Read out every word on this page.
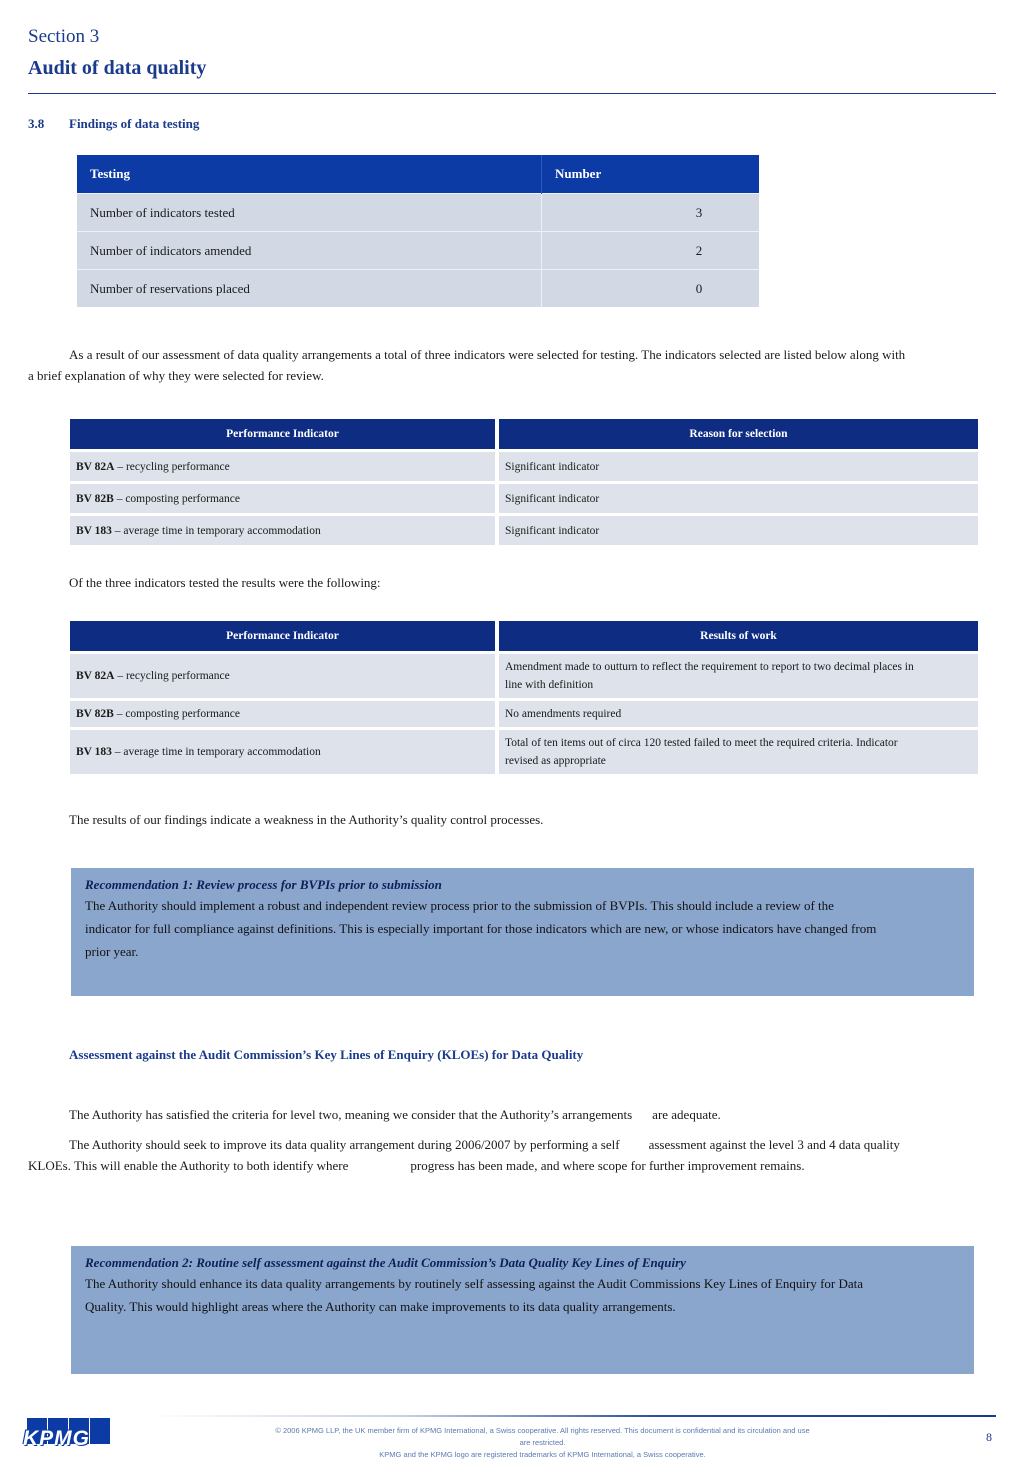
Section 3
Audit of data quality
3.8 Findings of data testing
Testing	Number
Number of indicators tested	3
Number of indicators amended	2
Number of reservations placed	0
As a result of our assessment of data quality arrangements a total of three indicators were selected for testing. The indicators selected are listed below along with
a brief explanation of why they were selected for review.
Performance Indicator	Reason for selection
BV 82A – recycling performance	Significant indicator
BV 82B – composting performance	Significant indicator
BV 183 – average time in temporary accommodation	Significant indicator
Of the three indicators tested the results were the following:
Performance Indicator	Results of work
BV 82A – recycling performance	Amendment made to outturn to reflect the requirement to report to two decimal places in
line with definition

BV 82B – composting performance	No amendments required
BV 183 – average time in temporary accommodation	Total of ten items out of circa 120 tested failed to meet the required criteria. Indicator
revised as appropriate
The results of our findings indicate a weakness in the Authority’s quality control processes.
Recommendation 1: Review process for BVPIs prior to submission
The Authority should implement a robust and independent review process prior to the submission of BVPIs. This should include a review of the
indicator for full compliance against definitions. This is especially important for those indicators which are new, or whose indicators have changed from
prior year.
Assessment against the Audit Commission’s Key Lines of Enquiry (KLOEs) for Data Quality
The Authority has satisfied the criteria for level two, meaning we consider that the Authority’s arrangements are adequate.
The Authority should seek to improve its data quality arrangement during 2006/2007 by performing a self assessment against the level 3 and 4 data quality
KLOEs. This will enable the Authority to both identify where	progress has been made, and where scope for further improvement remains.
Recommendation 2: Routine self assessment against the Audit Commission’s Data Quality Key Lines of Enquiry
The Authority should enhance its data quality arrangements by routinely self assessing against the Audit Commissions Key Lines of Enquiry for Data
Quality. This would highlight areas where the Authority can make improvements to its data quality arrangements.
KPMG	© 2006 KPMG LLP, the UK member firm of KPMG International, a Swiss cooperative. All rights reserved. This document is confidential and its circulation and use
are restricted.
KPMG and the KPMG logo are registered trademarks of KPMG International, a Swiss cooperative.
8
